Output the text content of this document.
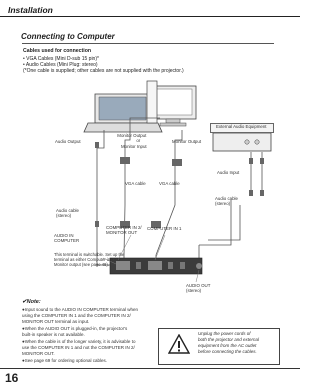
Installation
Connecting to Computer
Cables used for connection
• VGA Cables (Mini D-sub 15 pin)*
• Audio Cables (Mini Plug: stereo)
(*One cable is supplied; other cables are not supplied with the projector.)
External Audio Equipment
Audio Output
Monitor Output
or
Monitor Input
Monitor Output
Audio Input
VGA cable	VGA cable
Audio cable
(stereo)
Audio cable
(stereo)
AUDIO IN
COMPUTER
COMPUTER IN 2/
MONITOR OUT
COMPUTER IN 1
This terminal is switchable. Set up the
terminal as either Computer input or
Monitor output (see page 48).
AUDIO OUT
(stereo)
✔Note:
●Input sound to the AUDIO IN COMPUTER terminal when
using the COMPUTER IN 1 and the COMPUTER IN 2/
MONITOR OUT terminal as input.
●When the AUDIO OUT is plugged-in, the projector's
built-in speaker is not available.
●When the cable is of the longer variety, it is advisable to
use the COMPUTER IN 1 and not the COMPUTER IN 2/
MONITOR OUT.
●See page 69 for ordering optional cables.
Unplug the power cords of
both the projector and external
equipment from the AC outlet
before connecting the cables.
16
